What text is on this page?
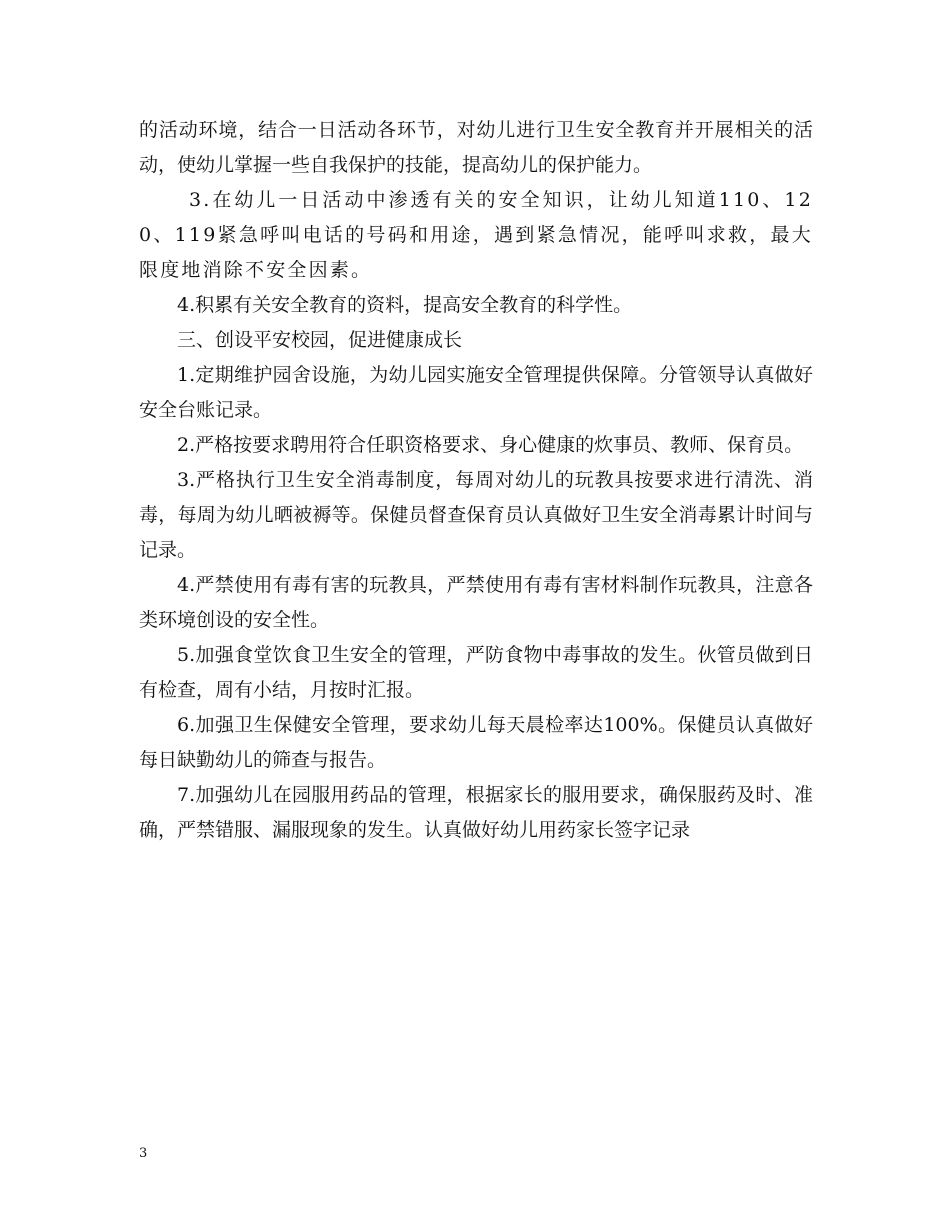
的活动环境，结合一日活动各环节，对幼儿进行卫生安全教育并开展相关的活动，使幼儿掌握一些自我保护的技能，提高幼儿的保护能力。

3.在幼儿一日活动中渗透有关的安全知识，让幼儿知道110、120、119紧急呼叫电话的号码和用途，遇到紧急情况，能呼叫求救，最大限度地消除不安全因素。

4.积累有关安全教育的资料，提高安全教育的科学性。

三、创设平安校园，促进健康成长

1.定期维护园舍设施，为幼儿园实施安全管理提供保障。分管领导认真做好安全台账记录。

2.严格按要求聘用符合任职资格要求、身心健康的炊事员、教师、保育员。

3.严格执行卫生安全消毒制度，每周对幼儿的玩教具按要求进行清洗、消毒，每周为幼儿晒被褥等。保健员督查保育员认真做好卫生安全消毒累计时间与记录。

4.严禁使用有毒有害的玩教具，严禁使用有毒有害材料制作玩教具，注意各类环境创设的安全性。

5.加强食堂饮食卫生安全的管理，严防食物中毒事故的发生。伙管员做到日有检查，周有小结，月按时汇报。

6.加强卫生保健安全管理，要求幼儿每天晨检率达100%。保健员认真做好每日缺勤幼儿的筛查与报告。

7.加强幼儿在园服用药品的管理，根据家长的服用要求，确保服药及时、准确，严禁错服、漏服现象的发生。认真做好幼儿用药家长签字记录

3
